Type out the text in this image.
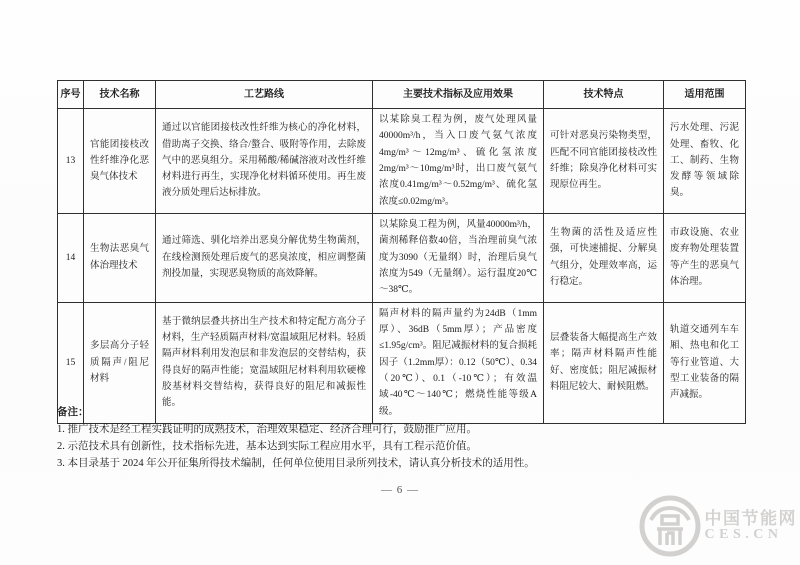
序号	技术名称	工艺路线	主要技术指标及应用效果	技术特点	适用范围
13	官能团接枝改性纤维净化恶臭气体技术	通过以官能团接枝改性纤维为核心的净化材料，借助离子交换、络合/螯合、吸附等作用，去除废气中的恶臭组分。采用稀酸/稀碱溶液对改性纤维材料进行再生，实现净化材料循环使用。再生废液分质处理后达标排放。	以某除臭工程为例，废气处理风量40000m³/h，当入口废气氨气浓度4mg/m³～12mg/m³、硫化氢浓度2mg/m³～10mg/m³时，出口废气氨气浓度0.41mg/m³～0.52mg/m³、硫化氢浓度≤0.02mg/m³。	可针对恶臭污染物类型，匹配不同官能团接枝改性纤维；除臭净化材料可实现原位再生。	污水处理、污泥处理、畜牧、化工、制药、生物发酵等领域除臭。
14	生物法恶臭气体治理技术	通过筛选、驯化培养出恶臭分解优势生物菌剂，在线检测预处理后废气的恶臭浓度，相应调整菌剂投加量，实现恶臭物质的高效降解。	以某除臭工程为例，风量40000m³/h，菌剂稀释倍数40倍，当治理前臭气浓度为3090（无量纲）时，治理后臭气浓度为549（无量纲）。运行温度20℃～38℃。	生物菌的活性及适应性强，可快速捕捉、分解臭气组分，处理效率高，运行稳定。	市政设施、农业废弃物处理装置等产生的恶臭气体治理。
15	多层高分子轻质隔声/阻尼材料	基于微纳层叠共挤出生产技术和特定配方高分子材料，生产轻质隔声材料/宽温域阻尼材料。轻质隔声材料利用发泡层和非发泡层的交替结构，获得良好的隔声性能；宽温域阻尼材料利用软硬橡胶基材料交替结构，获得良好的阻尼和减振性能。	隔声材料的隔声量约为24dB（1mm厚）、36dB（5mm厚）；产品密度≤1.95g/cm³。阻尼减振材料的复合损耗因子（1.2mm厚）：0.12（50℃）、0.34（20℃）、0.1（-10℃）；有效温域-40℃～140℃；燃烧性能等级A级。	层叠装备大幅提高生产效率；隔声材料隔声性能好、密度低；阻尼减振材料阻尼较大、耐候阻燃。	轨道交通列车车厢、热电和化工等行业管道、大型工业装备的隔声减振。
备注：
1. 推广技术是经工程实践证明的成熟技术，治理效果稳定、经济合理可行，鼓励推广应用。
2. 示范技术具有创新性，技术指标先进，基本达到实际工程应用水平，具有工程示范价值。
3. 本目录基于 2024 年公开征集所得技术编制，任何单位使用目录所列技术，请认真分析技术的适用性。
— 6 —
中国节能网
CES.CN
